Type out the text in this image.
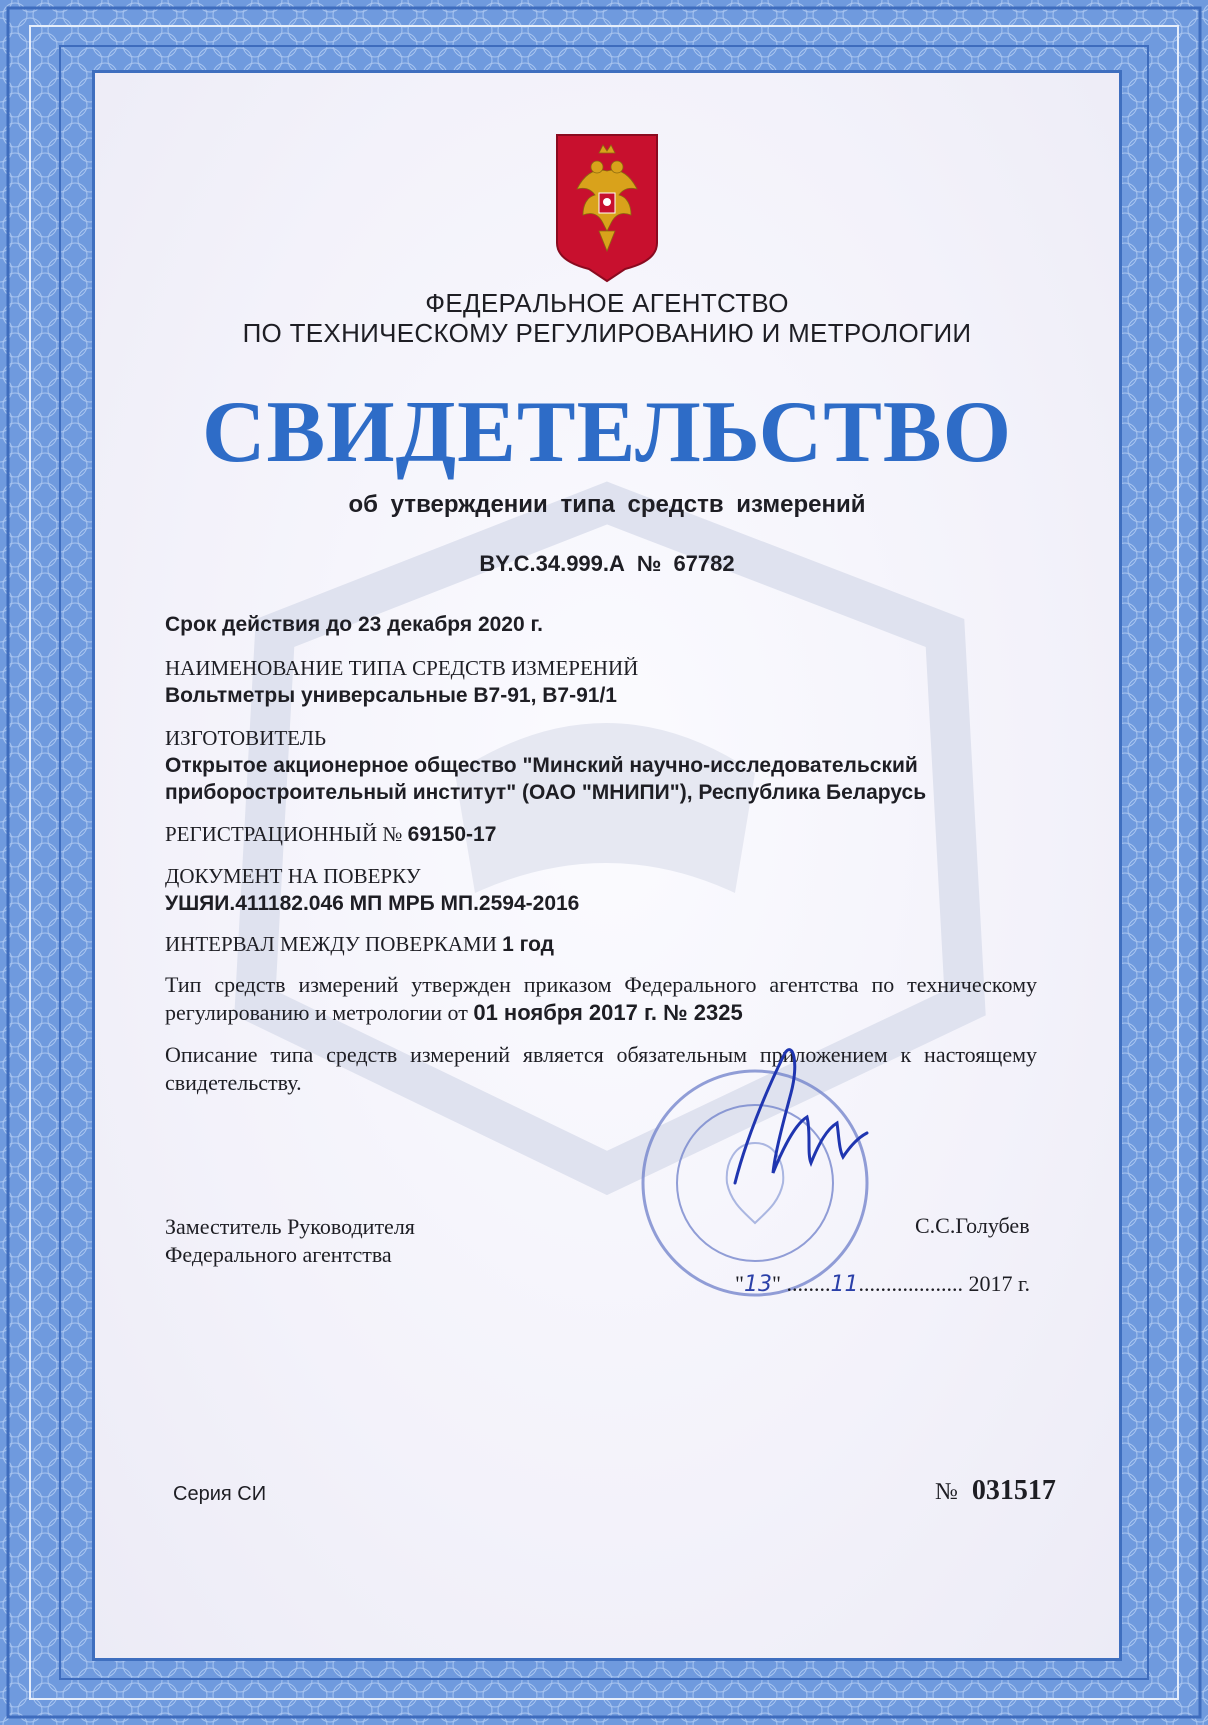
ФЕДЕРАЛЬНОЕ АГЕНТСТВО
ПО ТЕХНИЧЕСКОМУ РЕГУЛИРОВАНИЮ И МЕТРОЛОГИИ
СВИДЕТЕЛЬСТВО
об утверждении типа средств измерений
BY.C.34.999.A № 67782
Срок действия до 23 декабря 2020 г.
НАИМЕНОВАНИЕ ТИПА СРЕДСТВ ИЗМЕРЕНИЙ
Вольтметры универсальные В7-91, В7-91/1
ИЗГОТОВИТЕЛЬ
Открытое акционерное общество "Минский научно-исследовательский
приборостроительный институт" (ОАО "МНИПИ"), Республика Беларусь
РЕГИСТРАЦИОННЫЙ № 69150-17
ДОКУМЕНТ НА ПОВЕРКУ
УШЯИ.411182.046 МП МРБ МП.2594-2016
ИНТЕРВАЛ МЕЖДУ ПОВЕРКАМИ 1 год
Тип средств измерений утвержден приказом Федерального агентства по техническому регулированию и метрологии от 01 ноября 2017 г. № 2325
Описание типа средств измерений является обязательным приложением к настоящему свидетельству.
Заместитель Руководителя
Федерального агентства
С.С.Голубев
"13" ........11................... 2017 г.
Серия СИ	№ 031517
